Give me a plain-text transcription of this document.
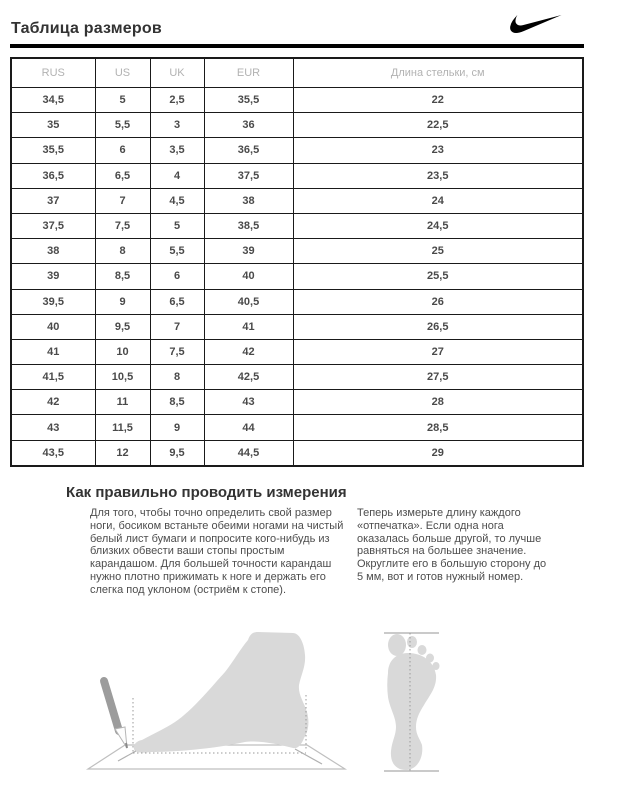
Таблица размеров
RUS	US	UK	EUR	Длина стельки, см
34,5	5	2,5	35,5	22
35	5,5	3	36	22,5
35,5	6	3,5	36,5	23
36,5	6,5	4	37,5	23,5
37	7	4,5	38	24
37,5	7,5	5	38,5	24,5
38	8	5,5	39	25
39	8,5	6	40	25,5
39,5	9	6,5	40,5	26
40	9,5	7	41	26,5
41	10	7,5	42	27
41,5	10,5	8	42,5	27,5
42	11	8,5	43	28
43	11,5	9	44	28,5
43,5	12	9,5	44,5	29
Как правильно проводить измерения
Для того, чтобы точно определить свой размер ноги, босиком встаньте обеими ногами на чистый белый лист бумаги и попросите кого-нибудь из близких обвести ваши стопы простым карандашом. Для большей точности карандаш нужно плотно прижимать к ноге и держать его слегка под уклоном (остриём к стопе).
Теперь измерьте длину каждого «отпечатка». Если одна нога оказалась больше другой, то лучше равняться на большее значение. Округлите его в большую сторону до 5 мм, вот и готов нужный номер.
